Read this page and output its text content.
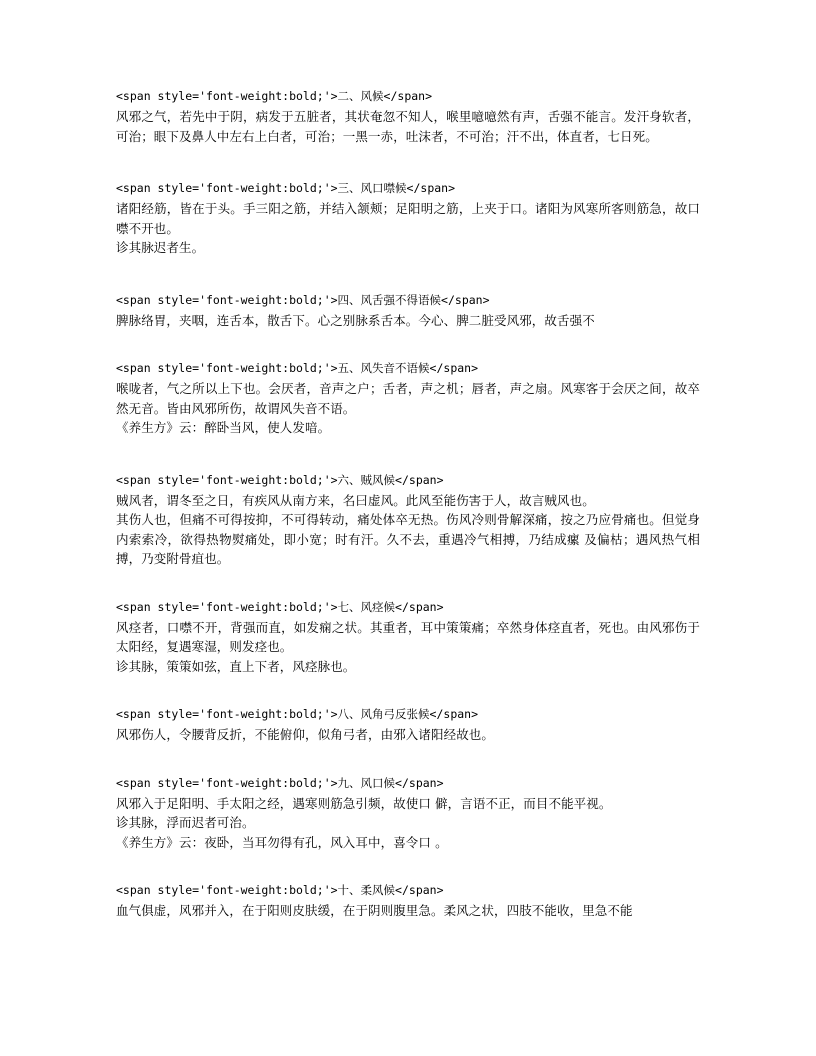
<span style='font-weight:bold;'>二、风候</span>
风邪之气，若先中于阴，病发于五脏者，其状奄忽不知人，喉里噫噫然有声，舌强不能言。发汗身软者，可治；眼下及鼻人中左右上白者，可治；一黑一赤，吐沫者，不可治；汗不出，体直者，七日死。
<span style='font-weight:bold;'>三、风口噤候</span>
诸阳经筋，皆在于头。手三阳之筋，并结入颔颊；足阳明之筋，上夹于口。诸阳为风寒所客则筋急，故口噤不开也。
诊其脉迟者生。
<span style='font-weight:bold;'>四、风舌强不得语候</span>
脾脉络胃，夹咽，连舌本，散舌下。心之别脉系舌本。今心、脾二脏受风邪，故舌强不
<span style='font-weight:bold;'>五、风失音不语候</span>
喉咙者，气之所以上下也。会厌者，音声之户；舌者，声之机；唇者，声之扇。风寒客于会厌之间，故卒然无音。皆由风邪所伤，故谓风失音不语。
《养生方》云：醉卧当风，使人发喑。
<span style='font-weight:bold;'>六、贼风候</span>
贼风者，谓冬至之日，有疾风从南方来，名曰虚风。此风至能伤害于人，故言贼风也。
其伤人也，但痛不可得按抑，不可得转动，痛处体卒无热。伤风冷则骨解深痛，按之乃应骨痛也。但觉身内索索冷，欲得热物熨痛处，即小宽；时有汗。久不去，重遇冷气相搏，乃结成瘰 及偏枯；遇风热气相搏，乃变附骨疽也。
<span style='font-weight:bold;'>七、风痉候</span>
风痉者，口噤不开，背强而直，如发痫之状。其重者，耳中策策痛；卒然身体痉直者，死也。由风邪伤于太阳经，复遇寒湿，则发痉也。
诊其脉，策策如弦，直上下者，风痉脉也。
<span style='font-weight:bold;'>八、风角弓反张候</span>
风邪伤人，令腰背反折，不能俯仰，似角弓者，由邪入诸阳经故也。
<span style='font-weight:bold;'>九、风口候</span>
风邪入于足阳明、手太阳之经，遇寒则筋急引频，故使口 僻，言语不正，而目不能平视。
诊其脉，浮而迟者可治。
《养生方》云：夜卧，当耳勿得有孔，风入耳中，喜令口 。
<span style='font-weight:bold;'>十、柔风候</span>
血气俱虚，风邪并入，在于阳则皮肤缓，在于阴则腹里急。柔风之状，四肢不能收，里急不能
